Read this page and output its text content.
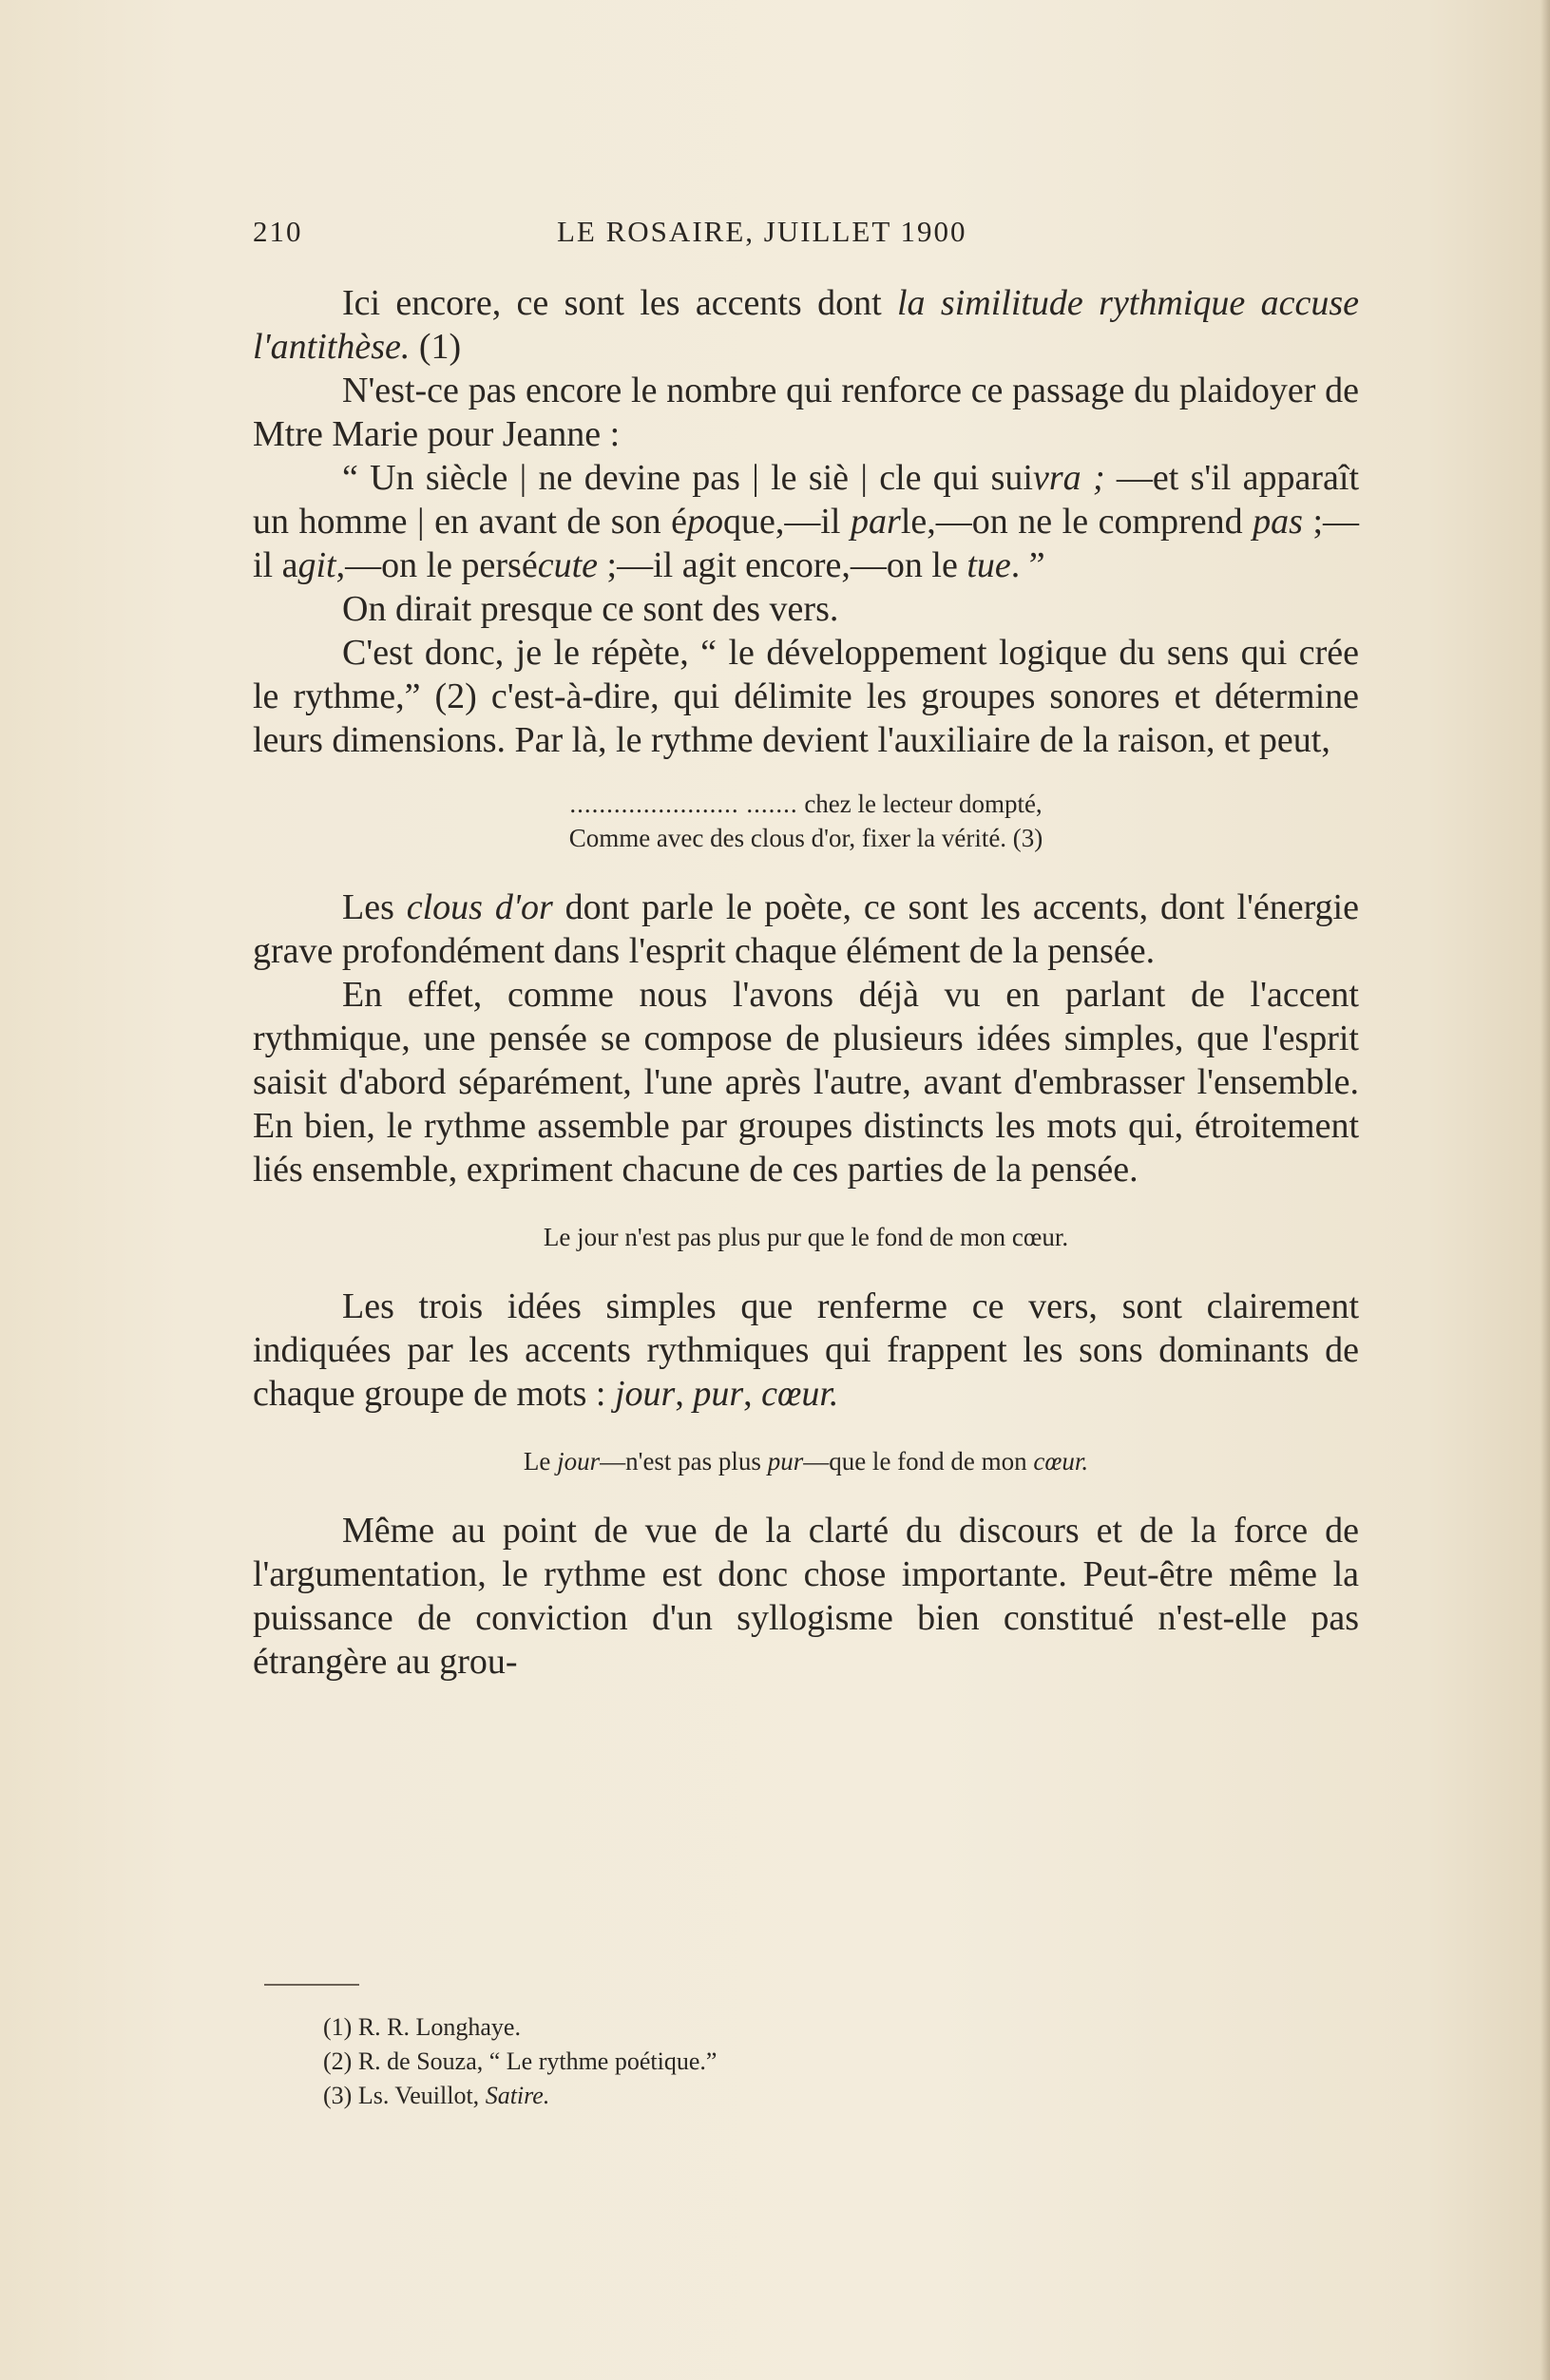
210	LE ROSAIRE, JUILLET 1900

Ici encore, ce sont les accents dont la similitude rythmique accuse l'antithèse. (1)

N'est-ce pas encore le nombre qui renforce ce passage du plaidoyer de Mtre Marie pour Jeanne :

“ Un siècle | ne devine pas | le siè | cle qui suivra ; —et s'il apparaît un homme | en avant de son époque,—il parle,—on ne le comprend pas ;—il agit,—on le persécute ;—il agit encore,—on le tue. ”

On dirait presque ce sont des vers.

C'est donc, je le répète, “ le développement logique du sens qui crée le rythme,” (2) c'est-à-dire, qui délimite les groupes sonores et détermine leurs dimensions. Par là, le rythme devient l'auxiliaire de la raison, et peut,

....................... ....... chez le lecteur dompté,
Comme avec des clous d'or, fixer la vérité. (3)

Les clous d'or dont parle le poète, ce sont les accents, dont l'énergie grave profondément dans l'esprit chaque élément de la pensée.

En effet, comme nous l'avons déjà vu en parlant de l'accent rythmique, une pensée se compose de plusieurs idées simples, que l'esprit saisit d'abord séparément, l'une après l'autre, avant d'embrasser l'ensemble. En bien, le rythme assemble par groupes distincts les mots qui, étroitement liés ensemble, expriment chacune de ces parties de la pensée.

Le jour n'est pas plus pur que le fond de mon cœur.

Les trois idées simples que renferme ce vers, sont clairement indiquées par les accents rythmiques qui frappent les sons dominants de chaque groupe de mots : jour, pur, cœur.

Le jour—n'est pas plus pur—que le fond de mon cœur.

Même au point de vue de la clarté du discours et de la force de l'argumentation, le rythme est donc chose importante. Peut-être même la puissance de conviction d'un syllogisme bien constitué n'est-elle pas étrangère au grou-

(1) R. R. Longhaye.
(2) R. de Souza, “ Le rythme poétique.”
(3) Ls. Veuillot, Satire.
